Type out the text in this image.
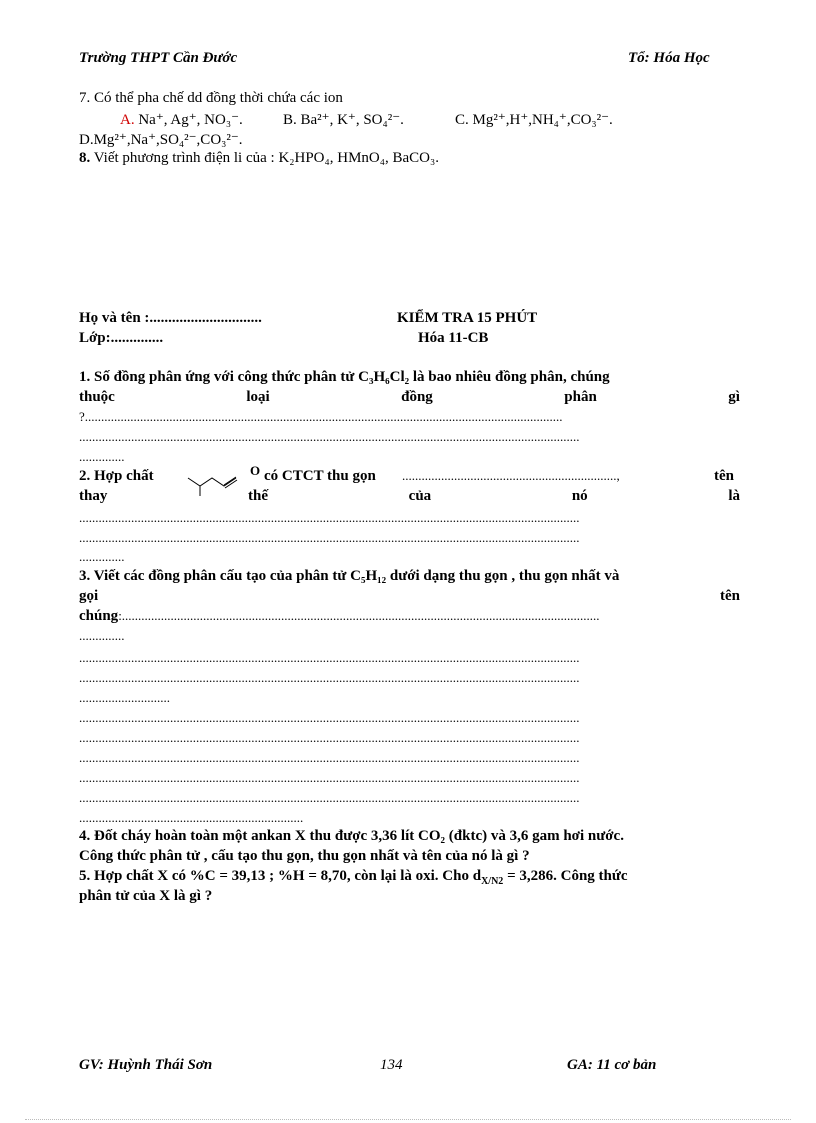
Trường THPT Cần Đước	Tổ: Hóa Học
7. Có thể pha chế dd đồng thời chứa các ion
A. Na⁺, Ag⁺, NO₃⁻.	B. Ba²⁺, K⁺, SO₄²⁻.	C. Mg²⁺,H⁺,NH₄⁺,CO₃²⁻.
D.Mg²⁺,Na⁺,SO₄²⁻,CO₃²⁻.
8. Viết phương trình điện li của : K₂HPO₄, HMnO₄, BaCO₃.
Họ và tên :..............................
Lớp:..............
KIỂM TRA 15 PHÚT
Hóa 11-CB
1. Số đồng phân ứng với công thức phân tử C₃H₆Cl₂ là bao nhiêu đồng phân, chúng
thuộc	loại	đồng	phân	gì
?...................................................................................................................................................
..........................................................................................................................................................
..............
2. Hợp chất	O có CTCT thu gọn ..................................................................,	tên
thay	thế	của	nó	là
..........................................................................................................................................................
..........................................................................................................................................................
..............
3. Viết các đồng phân cấu tạo của phân tử C₅H₁₂ dưới dạng thu gọn , thu gọn nhất và
gọi	tên
chúng:...................................................................................................................................................
..............
..........................................................................................................................................................
..........................................................................................................................................................
............................
..........................................................................................................................................................
..........................................................................................................................................................
..........................................................................................................................................................
..........................................................................................................................................................
..........................................................................................................................................................
.....................................................................
4. Đốt cháy hoàn toàn một ankan X thu được 3,36 lít CO₂ (đktc) và 3,6 gam hơi nước.
Công thức phân tử , cấu tạo thu gọn, thu gọn nhất và tên của nó là gì ?
5. Hợp chất X có %C = 39,13 ; %H = 8,70, còn lại là oxi. Cho $d_{X/N2} = 3,286$. Công thức
phân tử của X là gì ?
GV: Huỳnh Thái Sơn	134	GA: 11 cơ bản
